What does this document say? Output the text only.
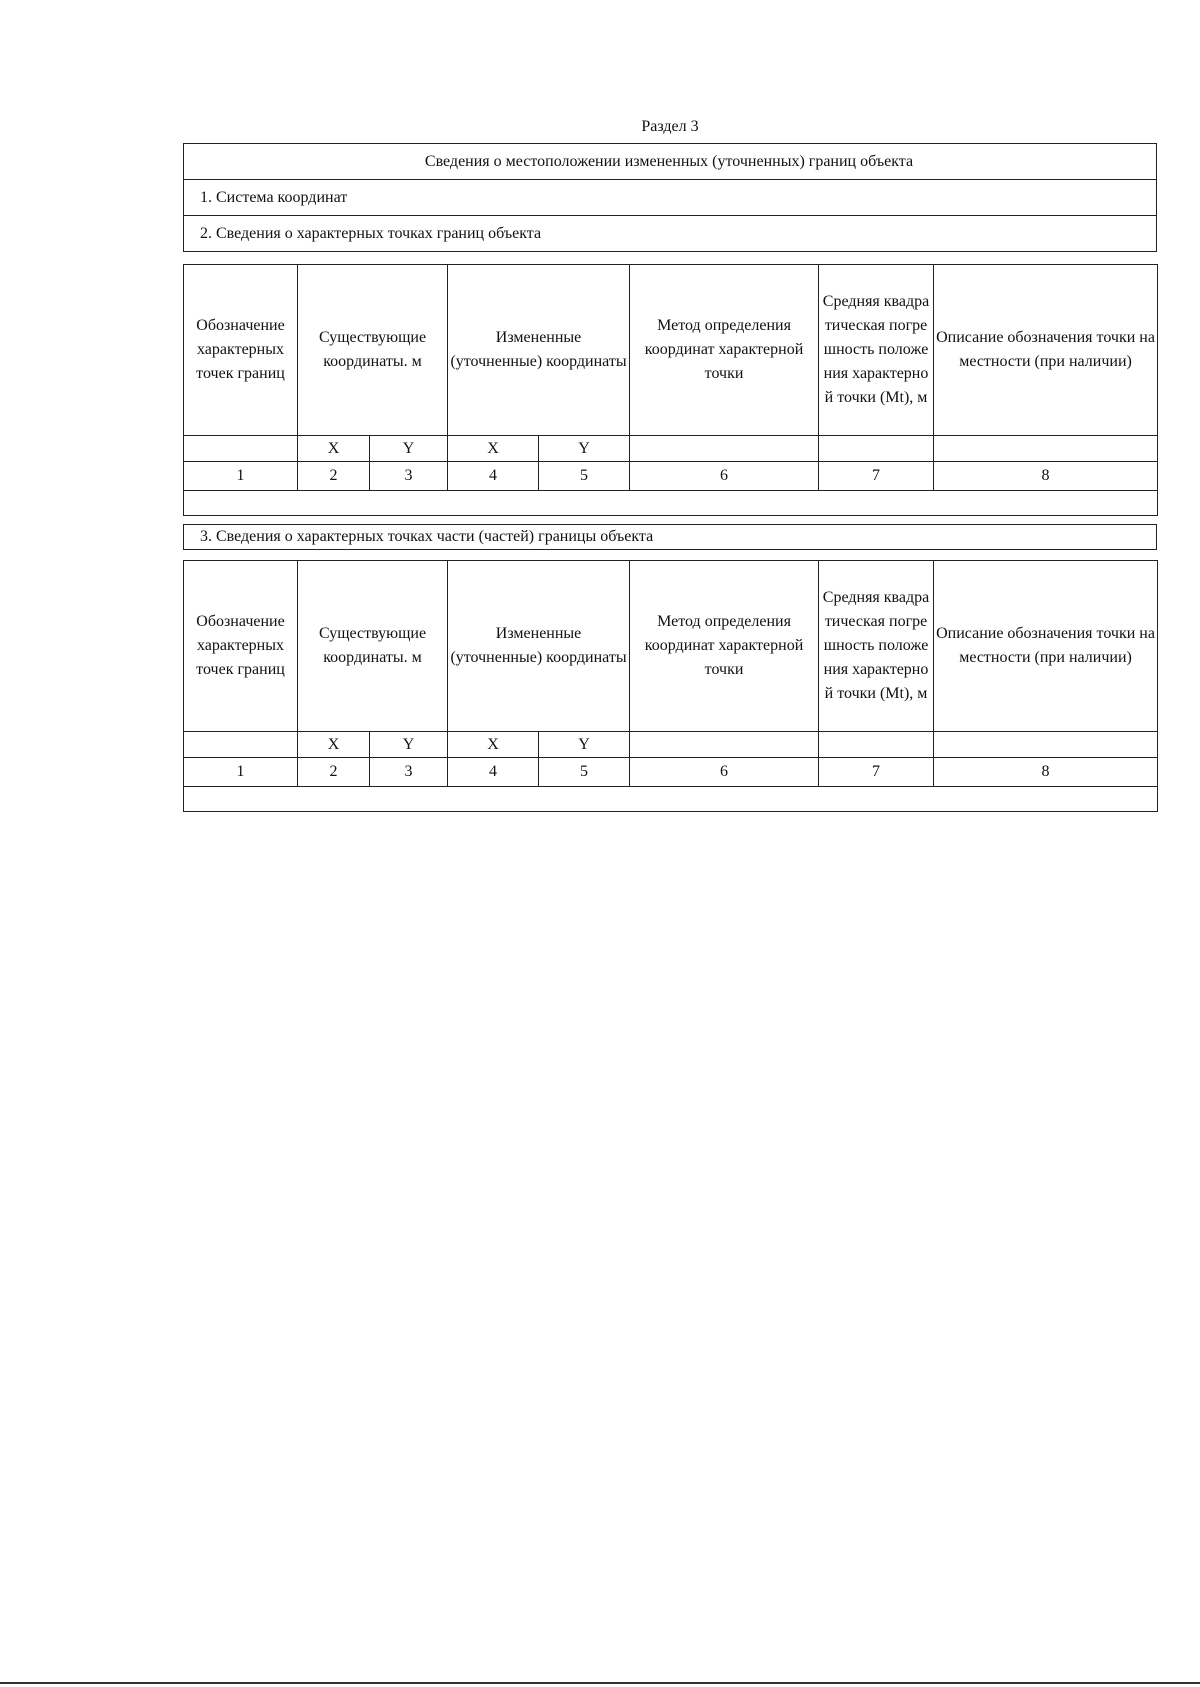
Раздел 3
Сведения о местоположении измененных (уточненных) границ объекта
1. Система координат
2. Сведения о характерных точках границ объекта
Обозначение характерных точек границ	Существующие координаты. м		Измененные (уточненные) координаты		Метод определения координат характерной точки	Средняя квадратическая погрешность положения характерной точки (Mt), м	Описание обозначения точки на местности (при наличии)
	X	Y	X	Y			
1	2	3	4	5	6	7	8

3. Сведения о характерных точках части (частей) границы объекта
Обозначение характерных точек границ	Существующие координаты. м		Измененные (уточненные) координаты		Метод определения координат характерной точки	Средняя квадратическая погрешность положения характерной точки (Mt), м	Описание обозначения точки на местности (при наличии)
	X	Y	X	Y			
1	2	3	4	5	6	7	8
